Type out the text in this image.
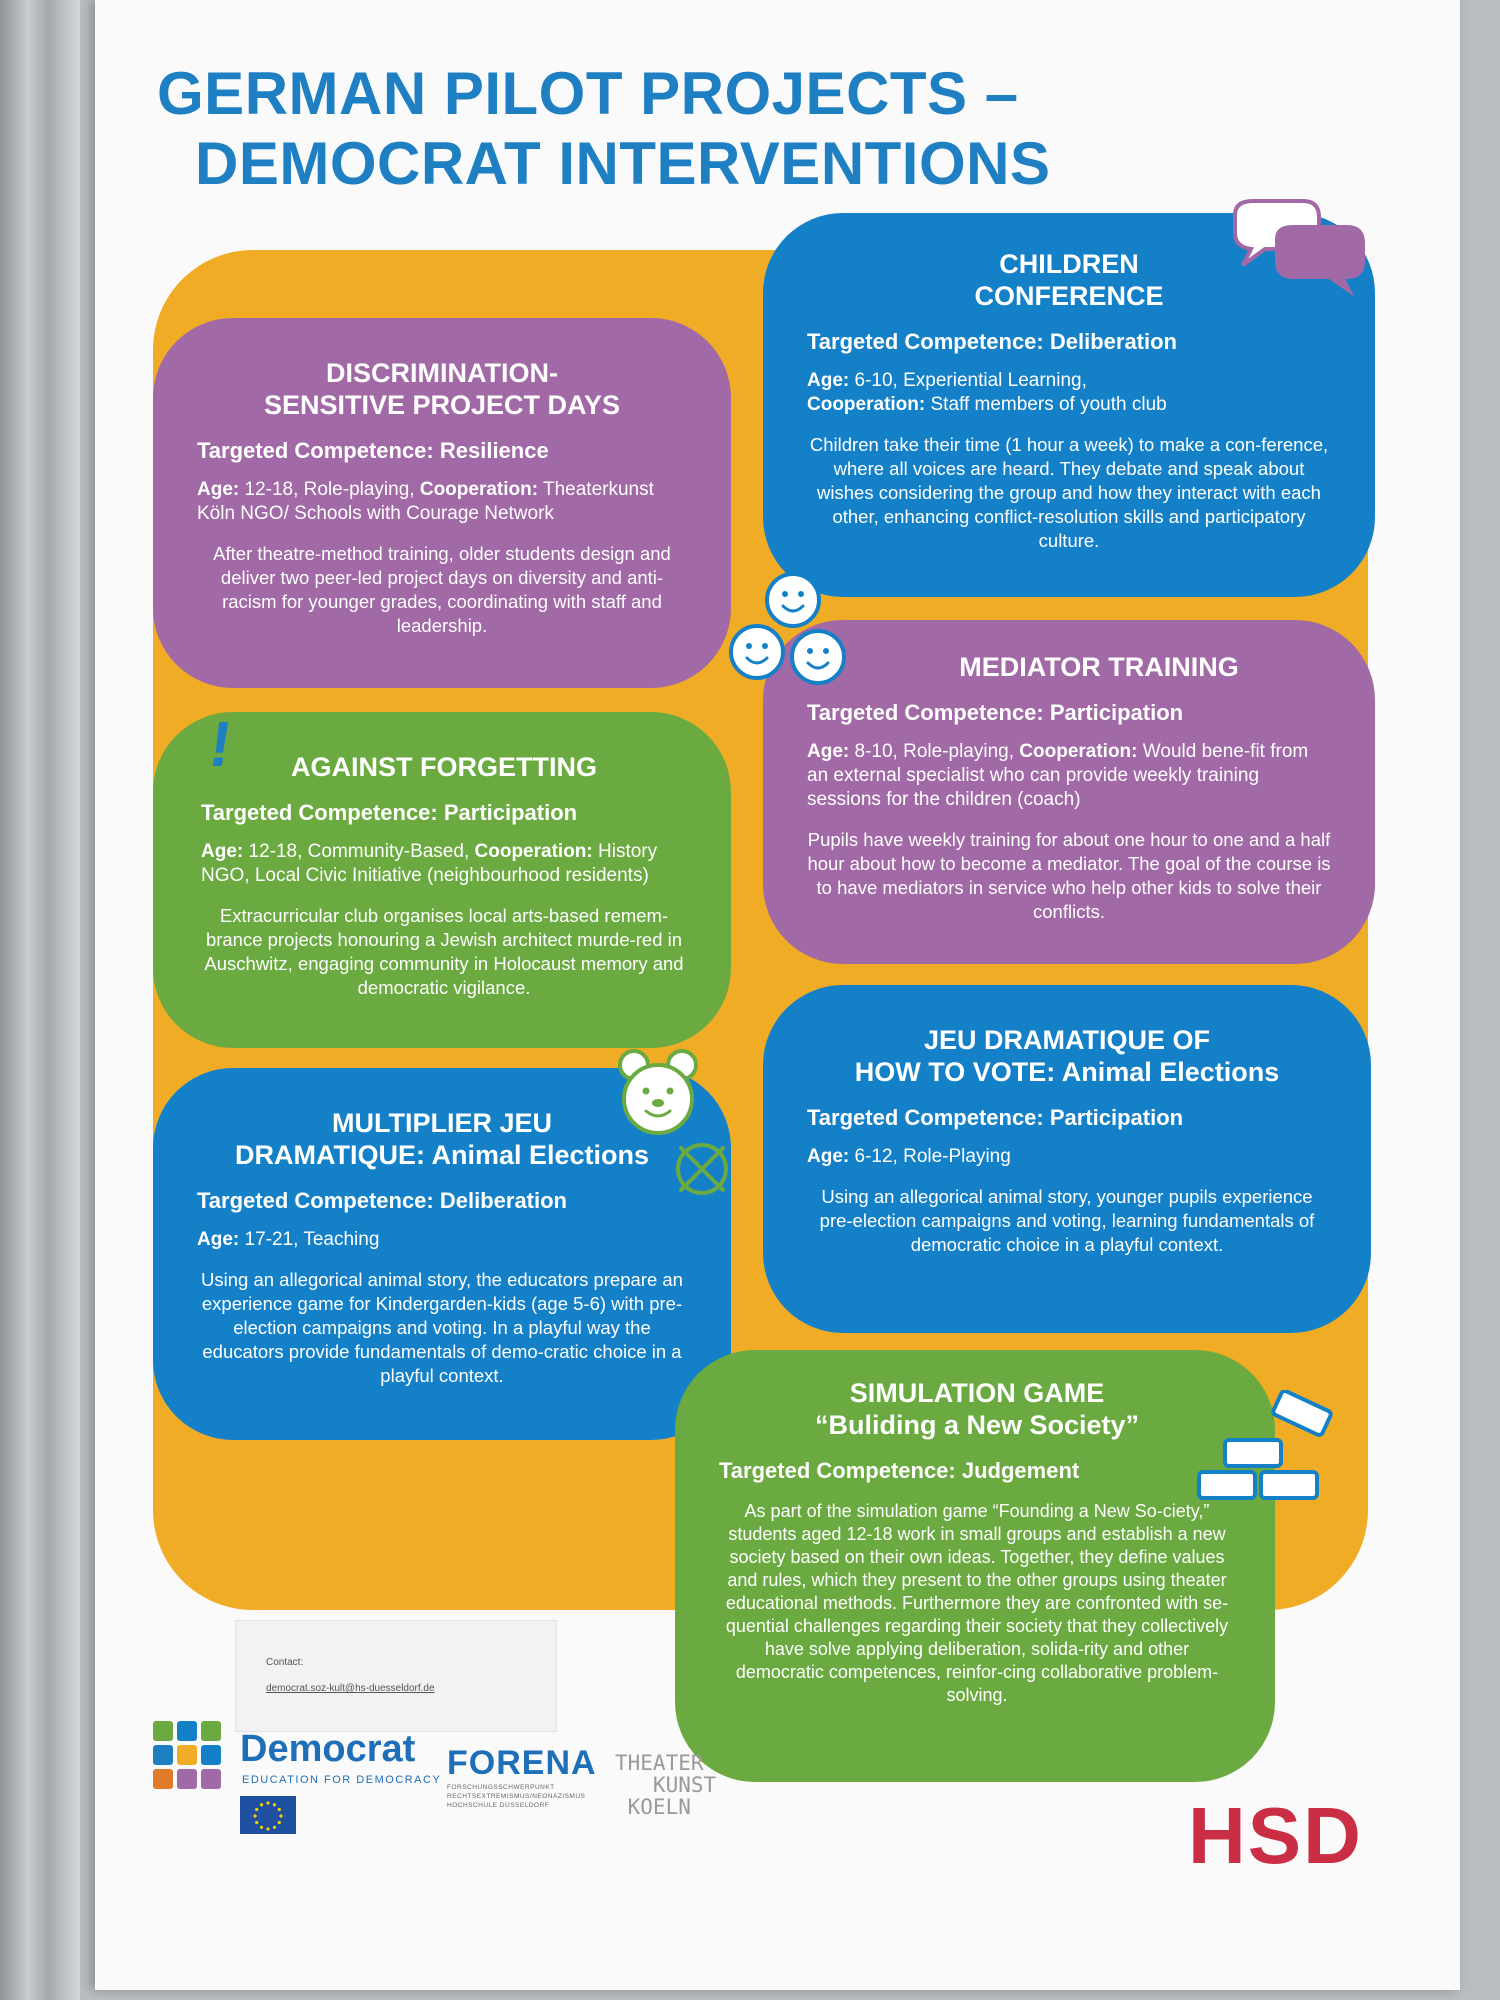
GERMAN PILOT PROJECTS –
DEMOCRAT INTERVENTIONS
DISCRIMINATION-
SENSITIVE PROJECT DAYS
Targeted Competence: Resilience
Age: 12-18, Role-playing, Cooperation: Theaterkunst Köln NGO/ Schools with Courage Network
After theatre-method training, older students design and deliver two peer-led project days on diversity and anti-racism for younger grades, coordinating with staff and leadership.
CHILDREN
CONFERENCE
Targeted Competence: Deliberation
Age: 6-10, Experiential Learning,
Cooperation: Staff members of youth club
Children take their time (1 hour a week) to make a con-ference, where all voices are heard. They debate and speak about wishes considering the group and how they interact with each other, enhancing conflict-resolution skills and participatory culture.
AGAINST FORGETTING
Targeted Competence: Participation
Age: 12-18, Community-Based, Cooperation: History NGO, Local Civic Initiative (neighbourhood residents)
Extracurricular club organises local arts-based remem-brance projects honouring a Jewish architect murde-red in Auschwitz, engaging community in Holocaust memory and democratic vigilance.
MEDIATOR TRAINING
Targeted Competence: Participation
Age: 8-10, Role-playing, Cooperation: Would bene-fit from an external specialist who can provide weekly training sessions for the children (coach)
Pupils have weekly training for about one hour to one and a half hour about how to become a mediator. The goal of the course is to have mediators in service who help other kids to solve their conflicts.
MULTIPLIER JEU
DRAMATIQUE: Animal Elections
Targeted Competence: Deliberation
Age: 17-21, Teaching
Using an allegorical animal story, the educators prepare an experience game for Kindergarden-kids (age 5-6) with pre-election campaigns and voting. In a playful way the educators provide fundamentals of demo-cratic choice in a playful context.
JEU DRAMATIQUE OF
HOW TO VOTE: Animal Elections
Targeted Competence: Participation
Age: 6-12, Role-Playing
Using an allegorical animal story, younger pupils experience pre-election campaigns and voting, learning fundamentals of democratic choice in a playful context.
SIMULATION GAME
“Buliding a New Society”
Targeted Competence: Judgement
As part of the simulation game “Founding a New So-ciety,” students aged 12-18 work in small groups and establish a new society based on their own ideas. Together, they define values and rules, which they present to the other groups using theater educational methods. Furthermore they are confronted with se-quential challenges regarding their society that they collectively have solve applying deliberation, solida-rity and other democratic competences, reinfor-cing collaborative problem-solving.
!
Contact:
democrat.soz-kult@hs-duesseldorf.de
Democrat
EDUCATION FOR DEMOCRACY FORENA
FORSCHUNGSSCHWERPUNKT
RECHTSEXTREMISMUS/NEONAZISMUS
HOCHSCHULE DÜSSELDORF
THEATER
KUNST
KOELN	HSD
